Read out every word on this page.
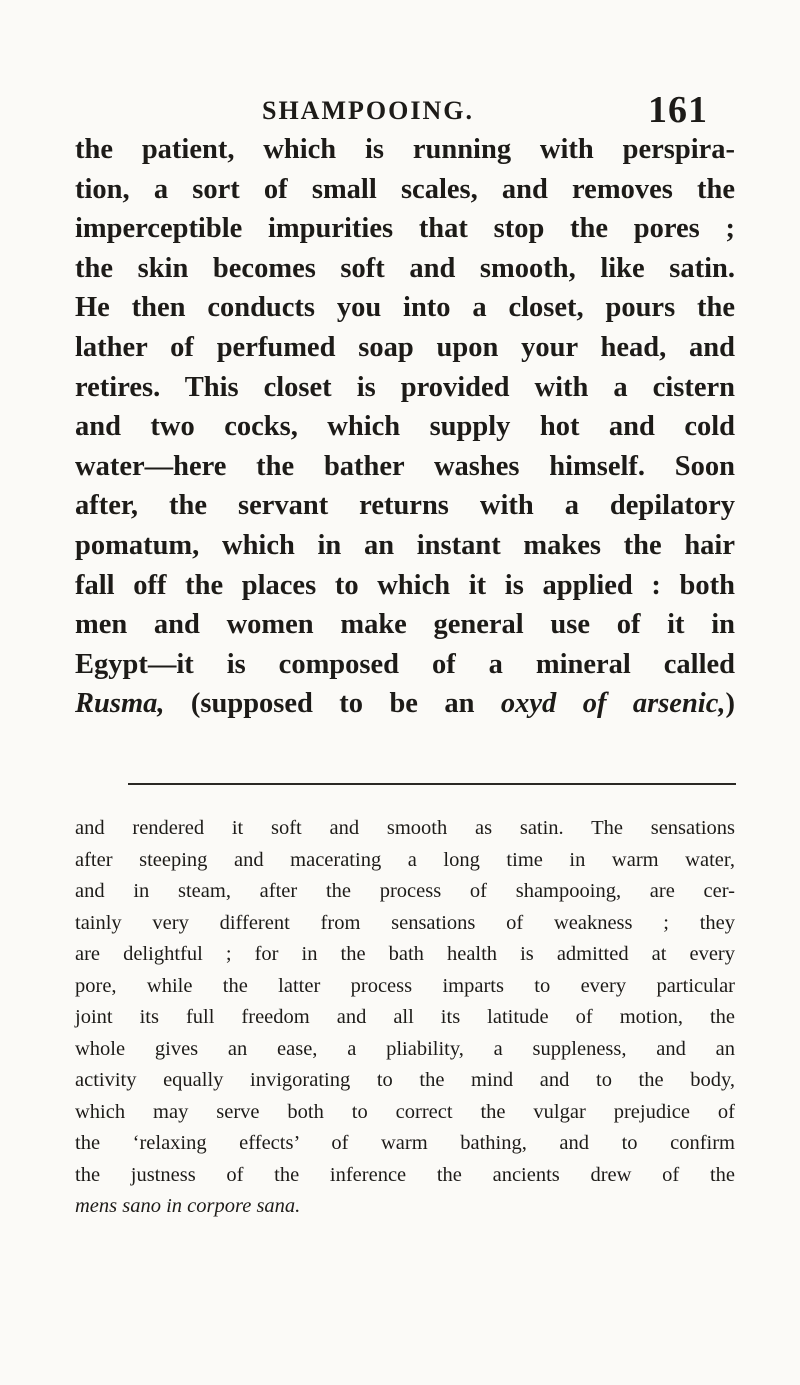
SHAMPOOING.	161
the patient, which is running with perspira-
tion, a sort of small scales, and removes the
imperceptible impurities that stop the pores ;
the skin becomes soft and smooth, like satin.
He then conducts you into a closet, pours the
lather of perfumed soap upon your head, and
retires. This closet is provided with a cistern
and two cocks, which supply hot and cold
water—here the bather washes himself. Soon
after, the servant returns with a depilatory
pomatum, which in an instant makes the hair
fall off the places to which it is applied : both
men and women make general use of it in
Egypt—it is composed of a mineral called
Rusma, (supposed to be an oxyd of arsenic,)
and rendered it soft and smooth as satin. The sensations
after steeping and macerating a long time in warm water,
and in steam, after the process of shampooing, are cer-
tainly very different from sensations of weakness ; they
are delightful ; for in the bath health is admitted at every
pore, while the latter process imparts to every particular
joint its full freedom and all its latitude of motion, the
whole gives an ease, a pliability, a suppleness, and an
activity equally invigorating to the mind and to the body,
which may serve both to correct the vulgar prejudice of
the ‘relaxing effects’ of warm bathing, and to confirm
the justness of the inference the ancients drew of the
mens sano in corpore sana.
